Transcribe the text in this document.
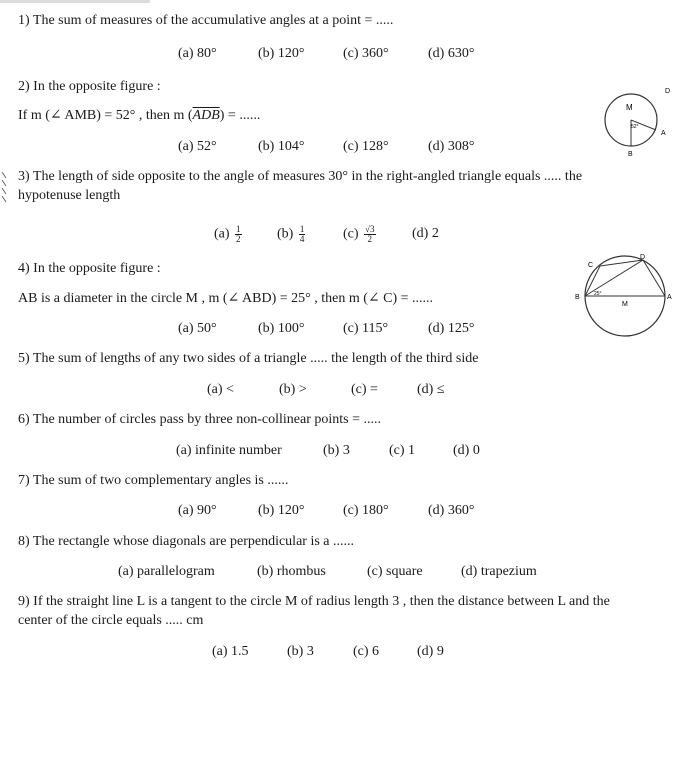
1) The sum of measures of the accumulative angles at a point = .....
(a) 80°	(b) 120°	(c) 360°	(d) 630°
2) In the opposite figure :
If m (∠ AMB) = 52° , then m $(\overline{ADB})$ = ......
(a) 52°	(b) 104°	(c) 128°	(d) 308°
M
D
A
B
52°
3) The length of side opposite to the angle of measures 30° in the right-angled triangle equals ..... the
hypotenuse length
$(a) \frac{1}{2}$	$(b) \frac{1}{4}$	$(c) \frac{√3}{2}$	(d) 2
4) In the opposite figure :
AB is a diameter in the circle M , m (∠ ABD) = 25° , then m (∠ C) = ......
(a) 50°	(b) 100°	(c) 115°	(d) 125°
C
D
B
M
A
25°
5) The sum of lengths of any two sides of a triangle ..... the length of the third side
(a) <	(b) >	(c) =	(d) ≤
6) The number of circles pass by three non-collinear points = .....
(a) infinite number	(b) 3	(c) 1	(d) 0
7) The sum of two complementary angles is ......
(a) 90°	(b) 120°	(c) 180°	(d) 360°
8) The rectangle whose diagonals are perpendicular is a ......
(a) parallelogram	(b) rhombus	(c) square	(d) trapezium
9) If the straight line L is a tangent to the circle M of radius length 3 , then the distance between L and the
center of the circle equals ..... cm
(a) 1.5	(b) 3	(c) 6	(d) 9
